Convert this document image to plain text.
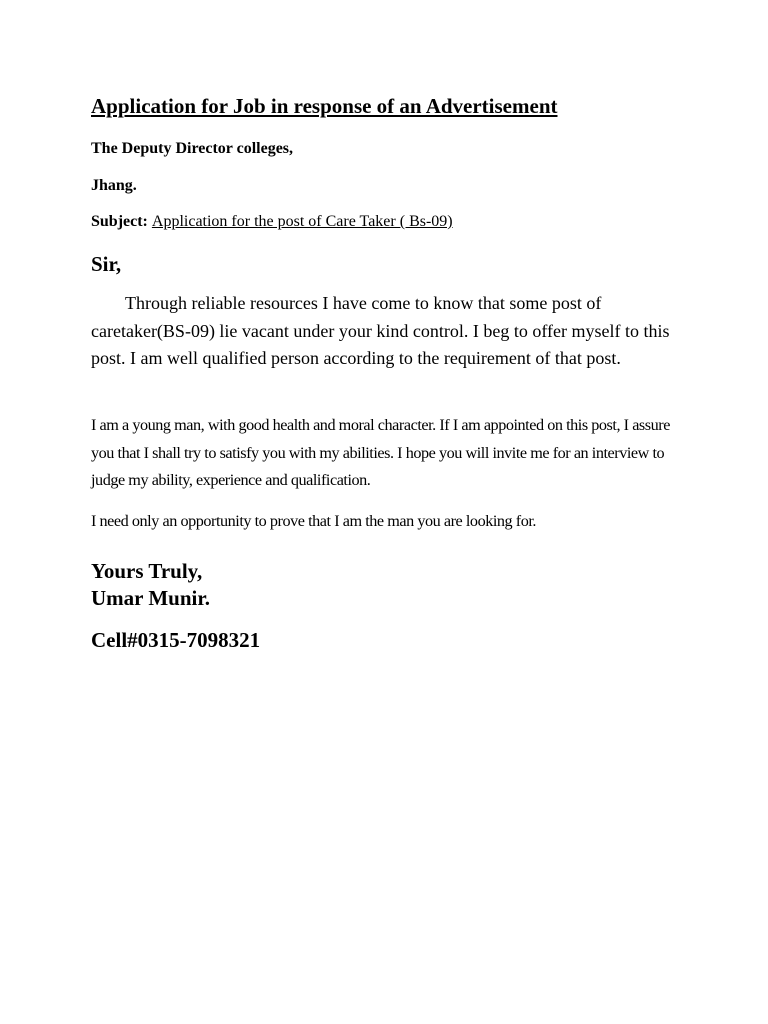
Application for Job in response of an Advertisement

The Deputy Director colleges,

Jhang.

Subject: Application for the post of Care Taker ( Bs-09)

Sir,

Through reliable resources I have come to know that some post of caretaker(BS-09) lie vacant under your kind control. I beg to offer myself to this post. I am well qualified person according to the requirement of that post.

I am a young man, with good health and moral character. If I am appointed on this post, I assure you that I shall try to satisfy you with my abilities. I hope you will invite me for an interview to judge my ability, experience and qualification.

I need only an opportunity to prove that I am the man you are looking for.

Yours Truly,

Umar Munir.

Cell#0315-7098321
